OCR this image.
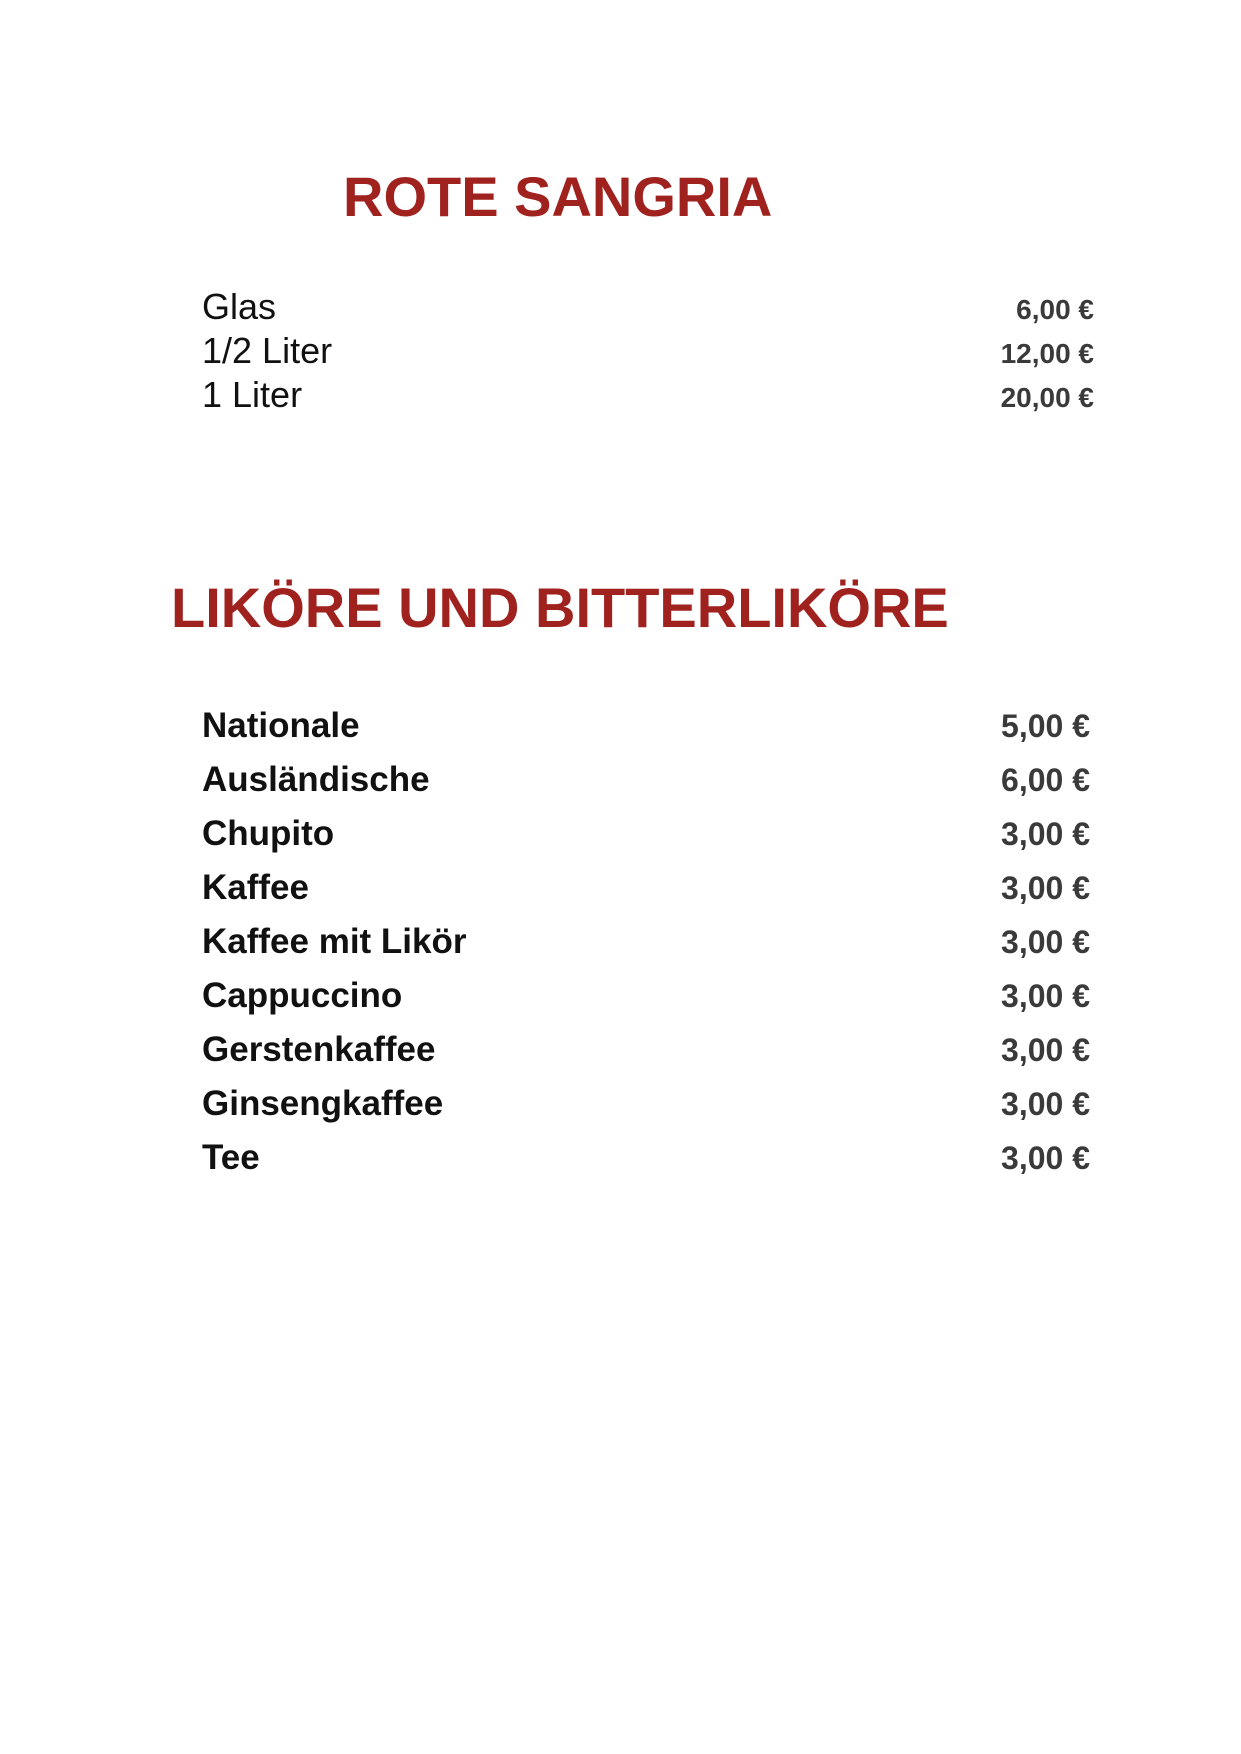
ROTE SANGRIA
Glas	6,00 €
1/2 Liter	12,00 €
1 Liter	20,00 €
LIKÖRE UND BITTERLIKÖRE
Nationale	5,00 €
Ausländische	6,00 €
Chupito	3,00 €
Kaffee	3,00 €
Kaffee mit Likör	3,00 €
Cappuccino	3,00 €
Gerstenkaffee	3,00 €
Ginsengkaffee	3,00 €
Tee	3,00 €
